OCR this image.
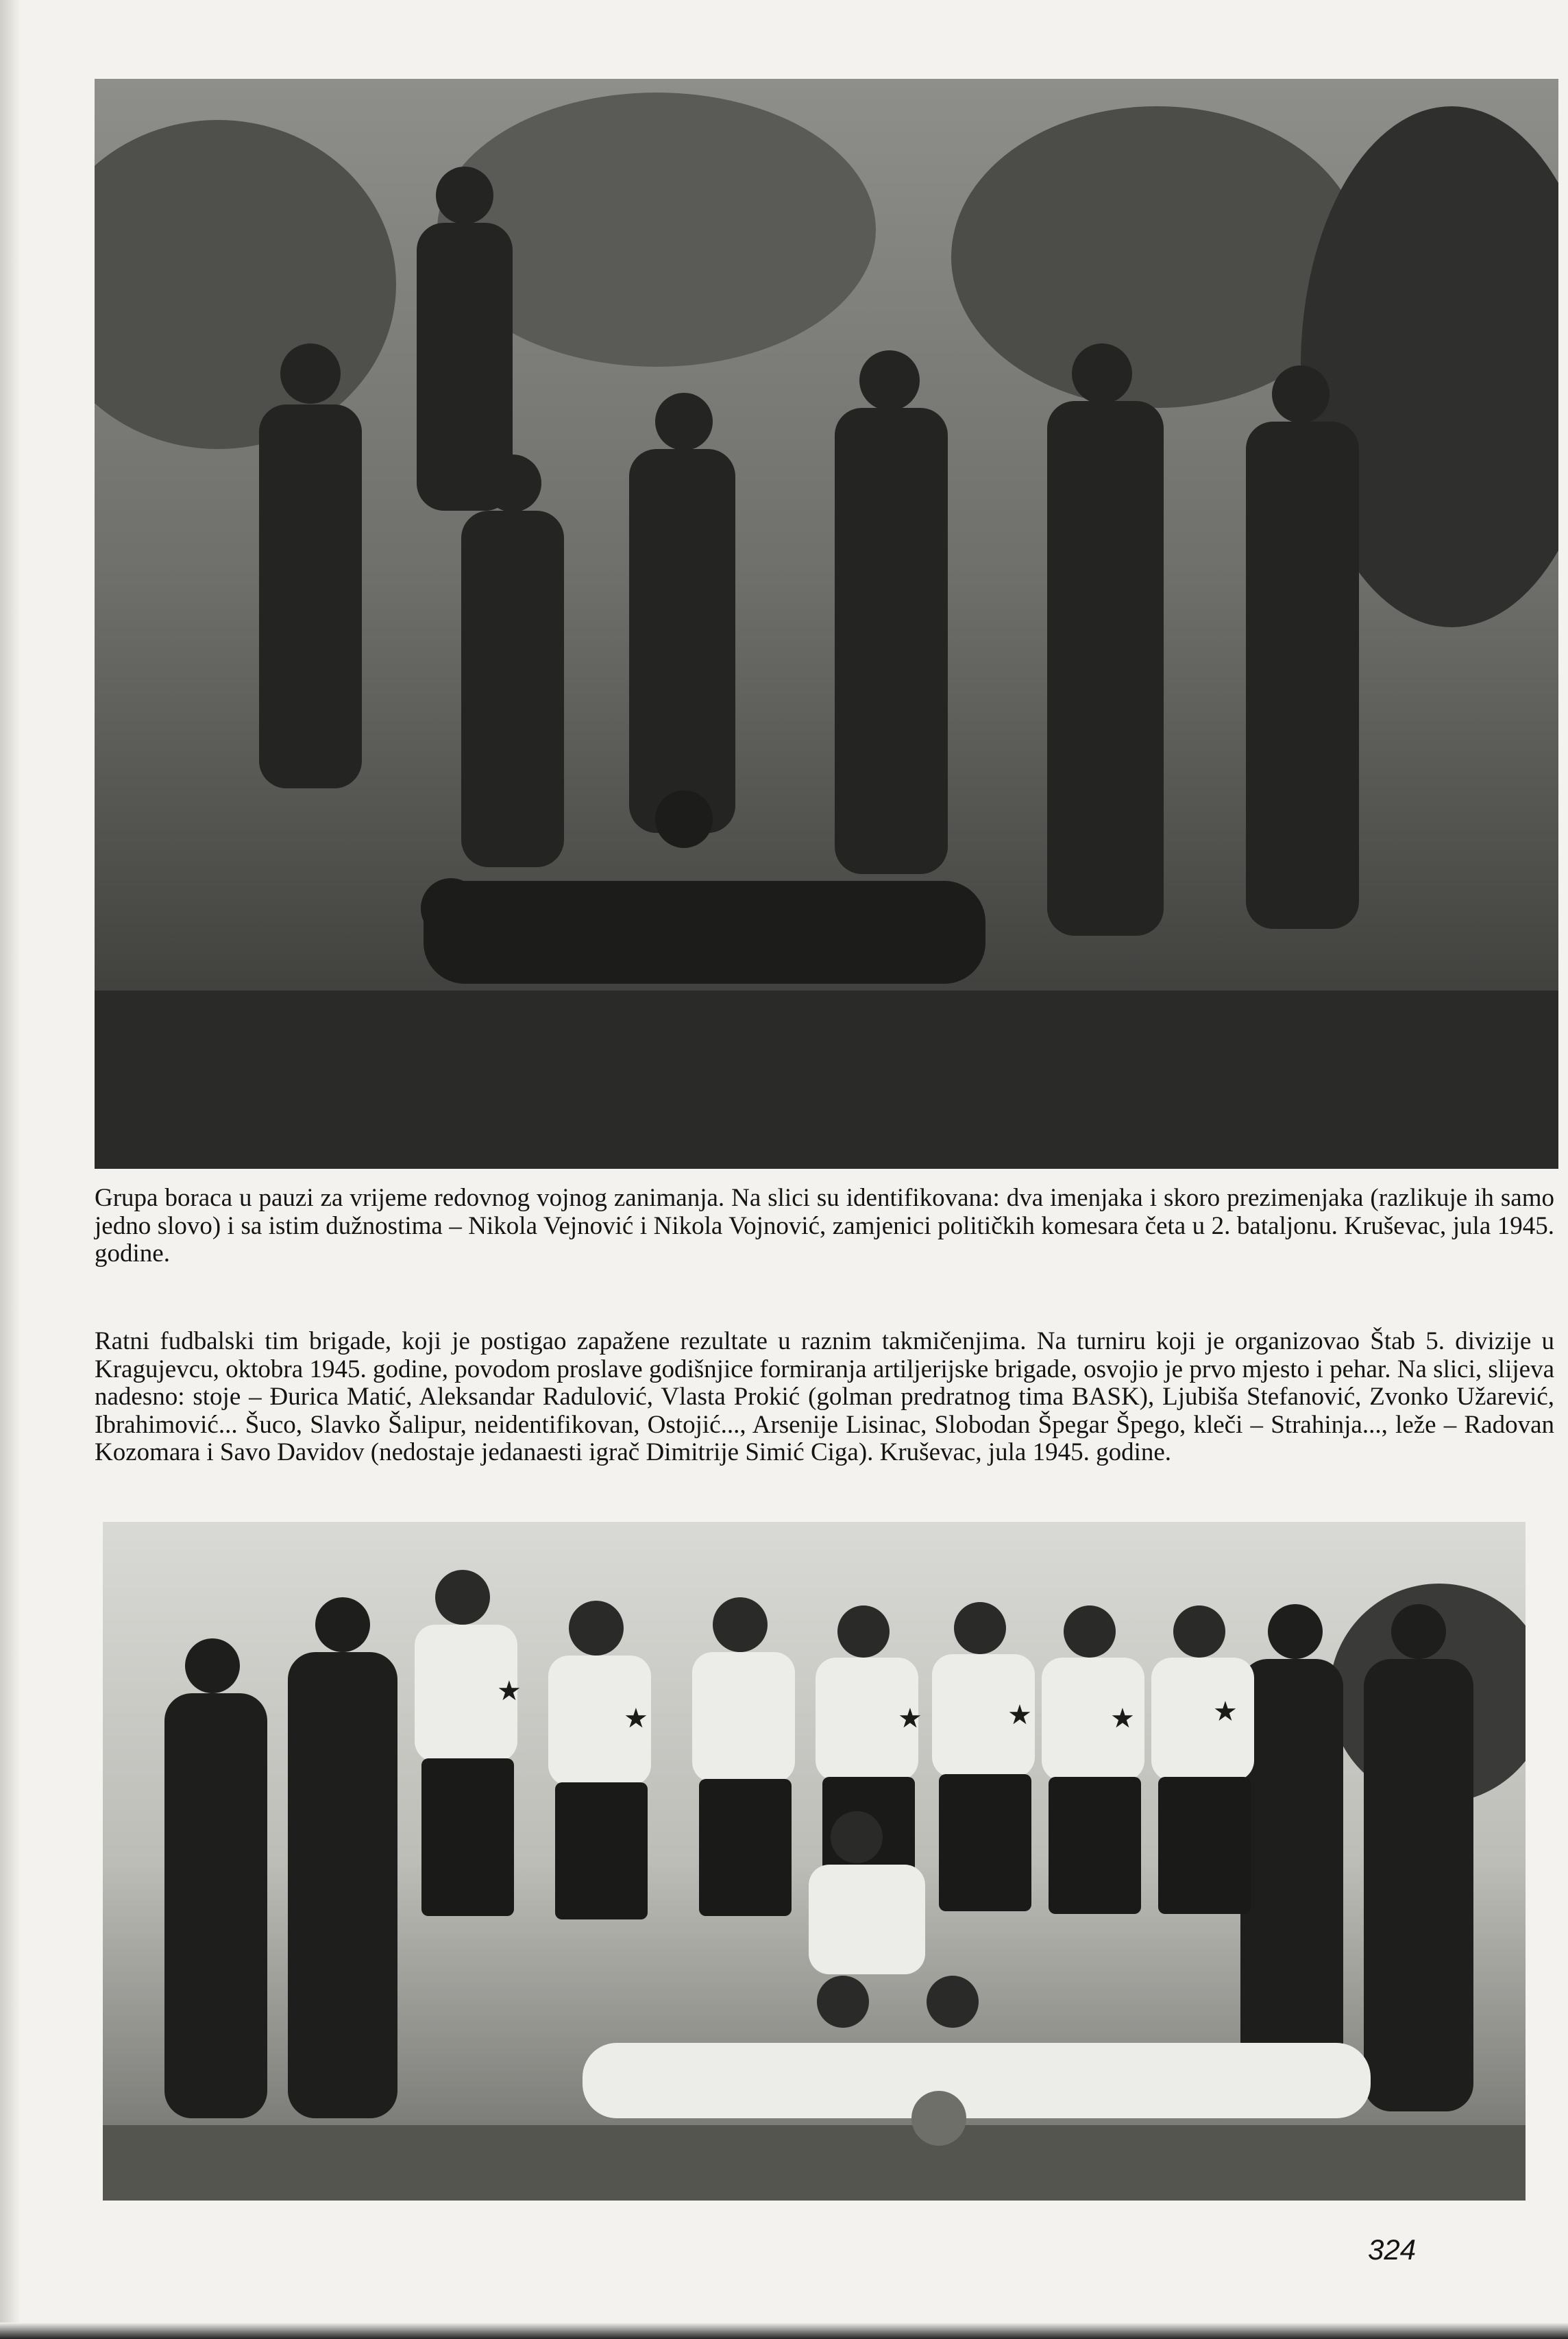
Grupa boraca u pauzi za vrijeme redovnog vojnog zanimanja. Na slici su identifikovana: dva imenjaka i skoro prezimenjaka (razlikuje ih samo jedno slovo) i sa istim dužnostima – Nikola Vejnović i Nikola Vojnović, zamjenici političkih komesara četa u 2. bataljonu. Kruševac, jula 1945. godine.

Ratni fudbalski tim brigade, koji je postigao zapažene rezultate u raznim takmičenjima. Na turniru koji je organizovao Štab 5. divizije u Kragujevcu, oktobra 1945. godine, povodom proslave godišnjice formiranja artiljerijske brigade, osvojio je prvo mjesto i pehar. Na slici, slijeva nadesno: stoje – Đurica Matić, Aleksandar Radulović, Vlasta Prokić (golman predratnog tima BASK), Ljubiša Stefanović, Zvonko Užarević, Ibrahimović... Šuco, Slavko Šalipur, neidentifikovan, Ostojić..., Arsenije Lisinac, Slobodan Špegar Špego, kleči – Strahinja..., leže – Radovan Kozomara i Savo Davidov (nedostaje jedanaesti igrač Dimitrije Simić Ciga). Kruševac, jula 1945. godine.

★
★	★	★	★	★

324
